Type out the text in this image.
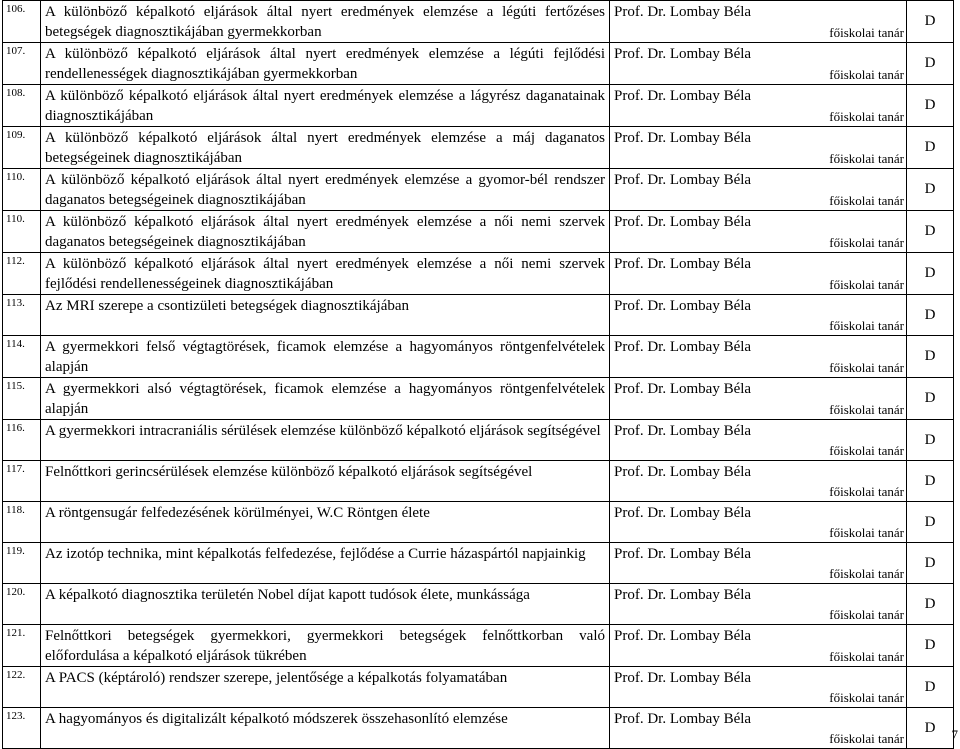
106.	A különböző képalkotó eljárások által nyert eredmények elemzése a légúti fertőzéses betegségek diagnosztikájában gyermekkorban	Prof. Dr. Lombay Béla
főiskolai tanár	D
107.	A különböző képalkotó eljárások által nyert eredmények elemzése a légúti fejlődési rendellenességek diagnosztikájában gyermekkorban	Prof. Dr. Lombay Béla
főiskolai tanár	D
108.	A különböző képalkotó eljárások által nyert eredmények elemzése a lágyrész daganatainak diagnosztikájában	Prof. Dr. Lombay Béla
főiskolai tanár	D
109.	A különböző képalkotó eljárások által nyert eredmények elemzése a máj daganatos betegségeinek diagnosztikájában	Prof. Dr. Lombay Béla
főiskolai tanár	D
110.	A különböző képalkotó eljárások által nyert eredmények elemzése a gyomor-bél rendszer daganatos betegségeinek diagnosztikájában	Prof. Dr. Lombay Béla
főiskolai tanár	D
110.	A különböző képalkotó eljárások által nyert eredmények elemzése a női nemi szervek daganatos betegségeinek diagnosztikájában	Prof. Dr. Lombay Béla
főiskolai tanár	D
112.	A különböző képalkotó eljárások által nyert eredmények elemzése a női nemi szervek fejlődési rendellenességeinek diagnosztikájában	Prof. Dr. Lombay Béla
főiskolai tanár	D
113.	Az MRI szerepe a csontizületi betegségek diagnosztikájában	Prof. Dr. Lombay Béla
főiskolai tanár	D
114.	A gyermekkori felső végtagtörések, ficamok elemzése a hagyományos röntgenfelvételek alapján	Prof. Dr. Lombay Béla
főiskolai tanár	D
115.	A gyermekkori alsó végtagtörések, ficamok elemzése a hagyományos röntgenfelvételek alapján	Prof. Dr. Lombay Béla
főiskolai tanár	D
116.	A gyermekkori intracraniális sérülések elemzése különböző képalkotó eljárások segítségével	Prof. Dr. Lombay Béla
főiskolai tanár	D
117.	Felnőttkori gerincsérülések elemzése különböző képalkotó eljárások segítségével	Prof. Dr. Lombay Béla
főiskolai tanár	D
118.	A röntgensugár felfedezésének körülményei, W.C Röntgen élete	Prof. Dr. Lombay Béla
főiskolai tanár	D
119.	Az izotóp technika, mint képalkotás felfedezése, fejlődése a Currie házaspártól napjainkig	Prof. Dr. Lombay Béla
főiskolai tanár	D
120.	A képalkotó diagnosztika területén Nobel díjat kapott tudósok élete, munkássága	Prof. Dr. Lombay Béla
főiskolai tanár	D
121.	Felnőttkori betegségek gyermekkori, gyermekkori betegségek felnőttkorban való előfordulása a képalkotó eljárások tükrében	Prof. Dr. Lombay Béla
főiskolai tanár	D
122.	A PACS (képtároló) rendszer szerepe, jelentősége a képalkotás folyamatában	Prof. Dr. Lombay Béla
főiskolai tanár	D
123.	A hagyományos és digitalizált képalkotó módszerek összehasonlító elemzése	Prof. Dr. Lombay Béla
főiskolai tanár	D 7
